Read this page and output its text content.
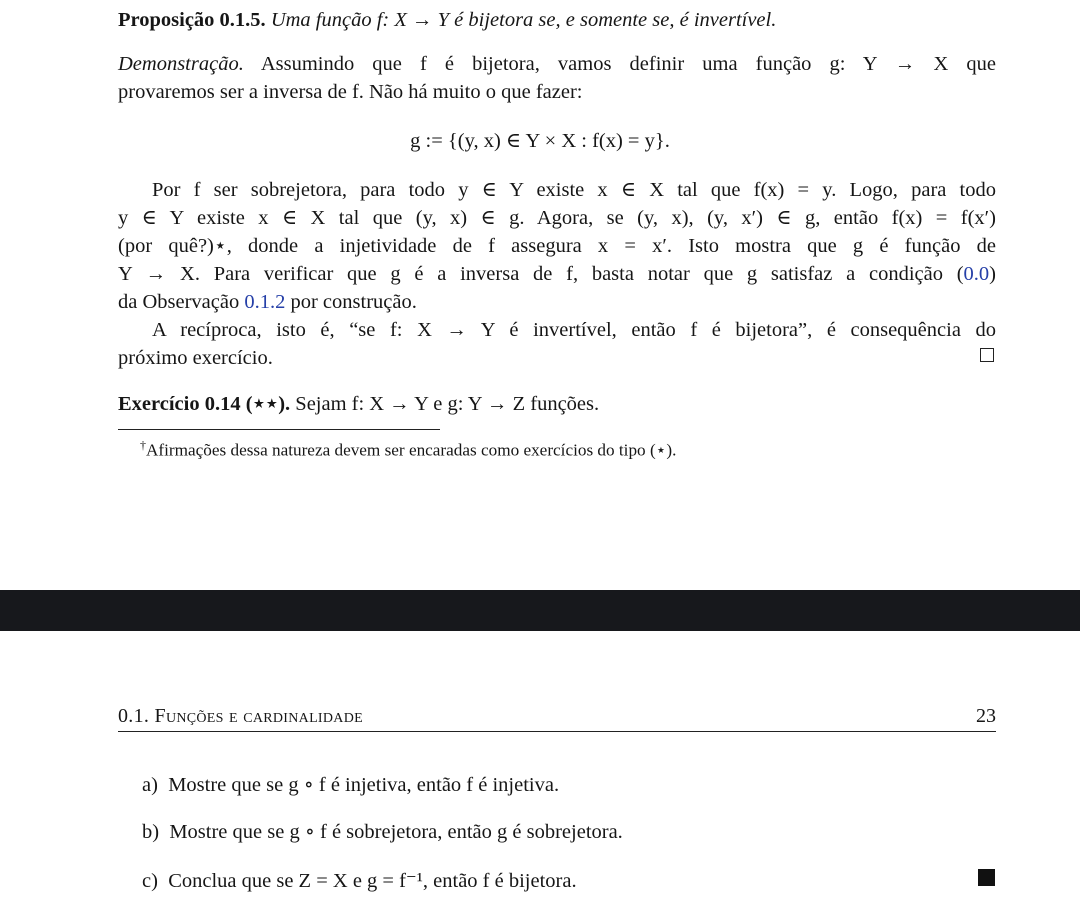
Proposição 0.1.5. Uma função f: X → Y é bijetora se, e somente se, é invertível.
Demonstração. Assumindo que f é bijetora, vamos definir uma função g: Y → X que
provaremos ser a inversa de f. Não há muito o que fazer:
g := {(y, x) ∈ Y × X : f(x) = y}.
Por f ser sobrejetora, para todo y ∈ Y existe x ∈ X tal que f(x) = y. Logo, para todo
y ∈ Y existe x ∈ X tal que (y, x) ∈ g. Agora, se (y, x), (y, x′) ∈ g, então f(x) = f(x′)
(por quê?)⋆, donde a injetividade de f assegura x = x′. Isto mostra que g é função de
Y → X. Para verificar que g é a inversa de f, basta notar que g satisfaz a condição (0.0)
da Observação 0.1.2 por construção.
A recíproca, isto é, “se f: X → Y é invertível, então f é bijetora”, é consequência do
próximo exercício.
Exercício 0.14 (⋆⋆). Sejam f: X → Y e g: Y → Z funções.
†Afirmações dessa natureza devem ser encaradas como exercícios do tipo (⋆).
0.1. Funções e cardinalidade	23
a) Mostre que se g ∘ f é injetiva, então f é injetiva.
b) Mostre que se g ∘ f é sobrejetora, então g é sobrejetora.
c) Conclua que se Z = X e g = f⁻¹, então f é bijetora.
